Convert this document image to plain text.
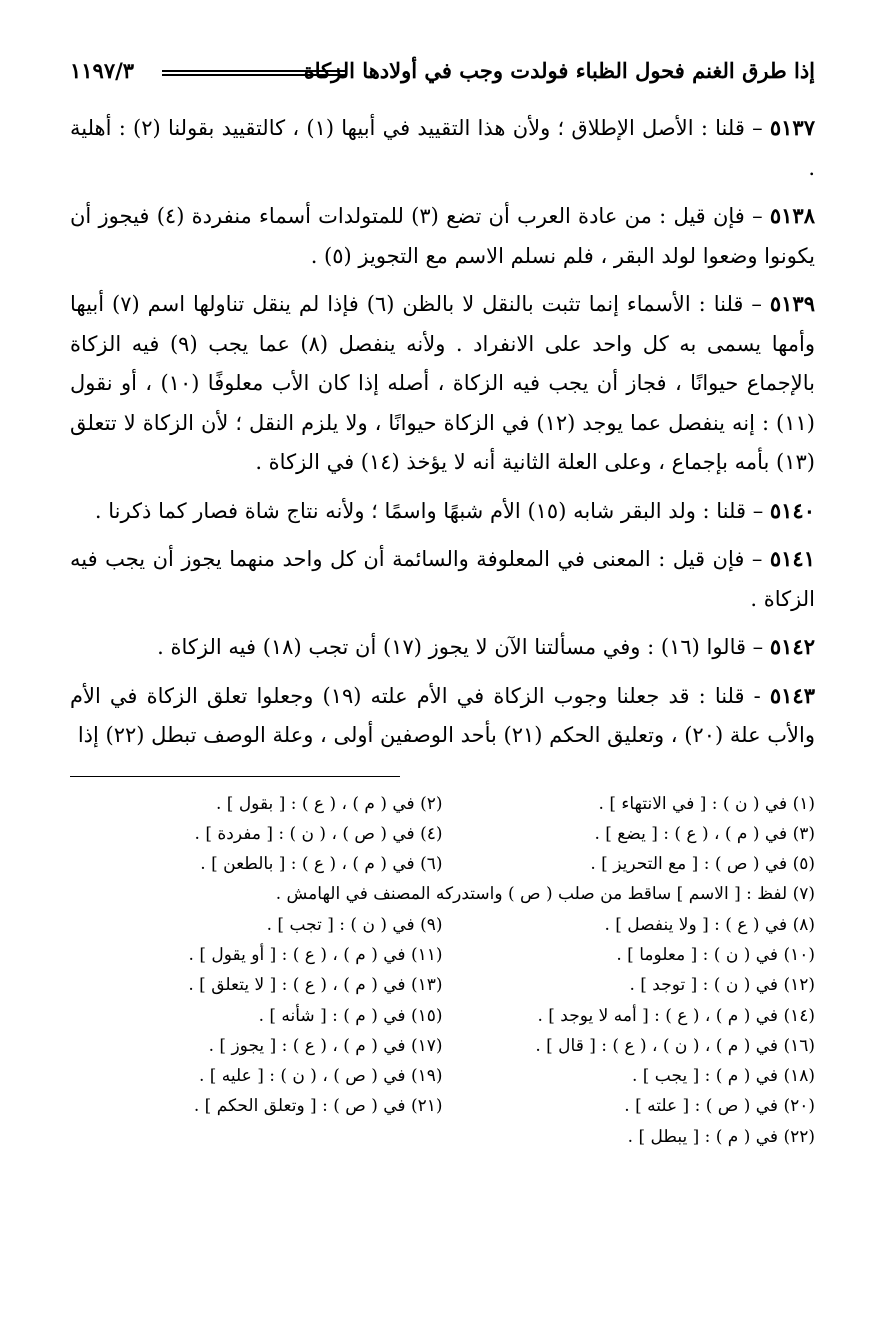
إذا طرق الغنم فحول الظباء فولدت وجب في أولادها الزكاة
١١٩٧/٣

٥١٣٧ – قلنا : الأصل الإطلاق ؛ ولأن هذا التقييد في أبيها (١) ، كالتقييد بقولنا (٢) : أهلية .

٥١٣٨ – فإن قيل : من عادة العرب أن تضع (٣) للمتولدات أسماء منفردة (٤) فيجوز أن يكونوا وضعوا لولد البقر ، فلم نسلم الاسم مع التجويز (٥) .

٥١٣٩ – قلنا : الأسماء إنما تثبت بالنقل لا بالظن (٦) فإذا لم ينقل تناولها اسم (٧) أبيها وأمها يسمى به كل واحد على الانفراد . ولأنه ينفصل (٨) عما يجب (٩) فيه الزكاة بالإجماع حيوانًا ، فجاز أن يجب فيه الزكاة ، أصله إذا كان الأب معلوفًا (١٠) ، أو نقول (١١) : إنه ينفصل عما يوجد (١٢) في الزكاة حيوانًا ، ولا يلزم النقل ؛ لأن الزكاة لا تتعلق (١٣) بأمه بإجماع ، وعلى العلة الثانية أنه لا يؤخذ (١٤) في الزكاة .

٥١٤٠ – قلنا : ولد البقر شابه (١٥) الأم شبهًا واسمًا ؛ ولأنه نتاج شاة فصار كما ذكرنا .

٥١٤١ – فإن قيل : المعنى في المعلوفة والسائمة أن كل واحد منهما يجوز أن يجب فيه الزكاة .

٥١٤٢ – قالوا (١٦) : وفي مسألتنا الآن لا يجوز (١٧) أن تجب (١٨) فيه الزكاة .

٥١٤٣ - قلنا : قد جعلنا وجوب الزكاة في الأم علته (١٩) وجعلوا تعلق الزكاة في الأم والأب علة (٢٠) ، وتعليق الحكم (٢١) بأحد الوصفين أولى ، وعلة الوصف تبطل (٢٢) إذا

(١) في ( ن ) : [ في الانتهاء ] .
(٢) في ( م ) ، ( ع ) : [ بقول ] .
(٣) في ( م ) ، ( ع ) : [ يضع ] .
(٤) في ( ص ) ، ( ن ) : [ مفردة ] .
(٥) في ( ص ) : [ مع التحريز ] .
(٦) في ( م ) ، ( ع ) : [ بالطعن ] .
(٧) لفظ : [ الاسم ] ساقط من صلب ( ص ) واستدركه المصنف في الهامش .
(٨) في ( ع ) : [ ولا ينفصل ] .
(٩) في ( ن ) : [ تجب ] .
(١٠) في ( ن ) : [ معلوما ] .
(١١) في ( م ) ، ( ع ) : [ أو يقول ] .
(١٢) في ( ن ) : [ توجد ] .
(١٣) في ( م ) ، ( ع ) : [ لا يتعلق ] .
(١٤) في ( م ) ، ( ع ) : [ أمه لا يوجد ] .
(١٥) في ( م ) : [ شأنه ] .
(١٦) في ( م ) ، ( ن ) ، ( ع ) : [ قال ] .
(١٧) في ( م ) ، ( ع ) : [ يجوز ] .
(١٨) في ( م ) : [ يجب ] .
(١٩) في ( ص ) ، ( ن ) : [ عليه ] .
(٢٠) في ( ص ) : [ علته ] .
(٢١) في ( ص ) : [ وتعلق الحكم ] .
(٢٢) في ( م ) : [ يبطل ] .
